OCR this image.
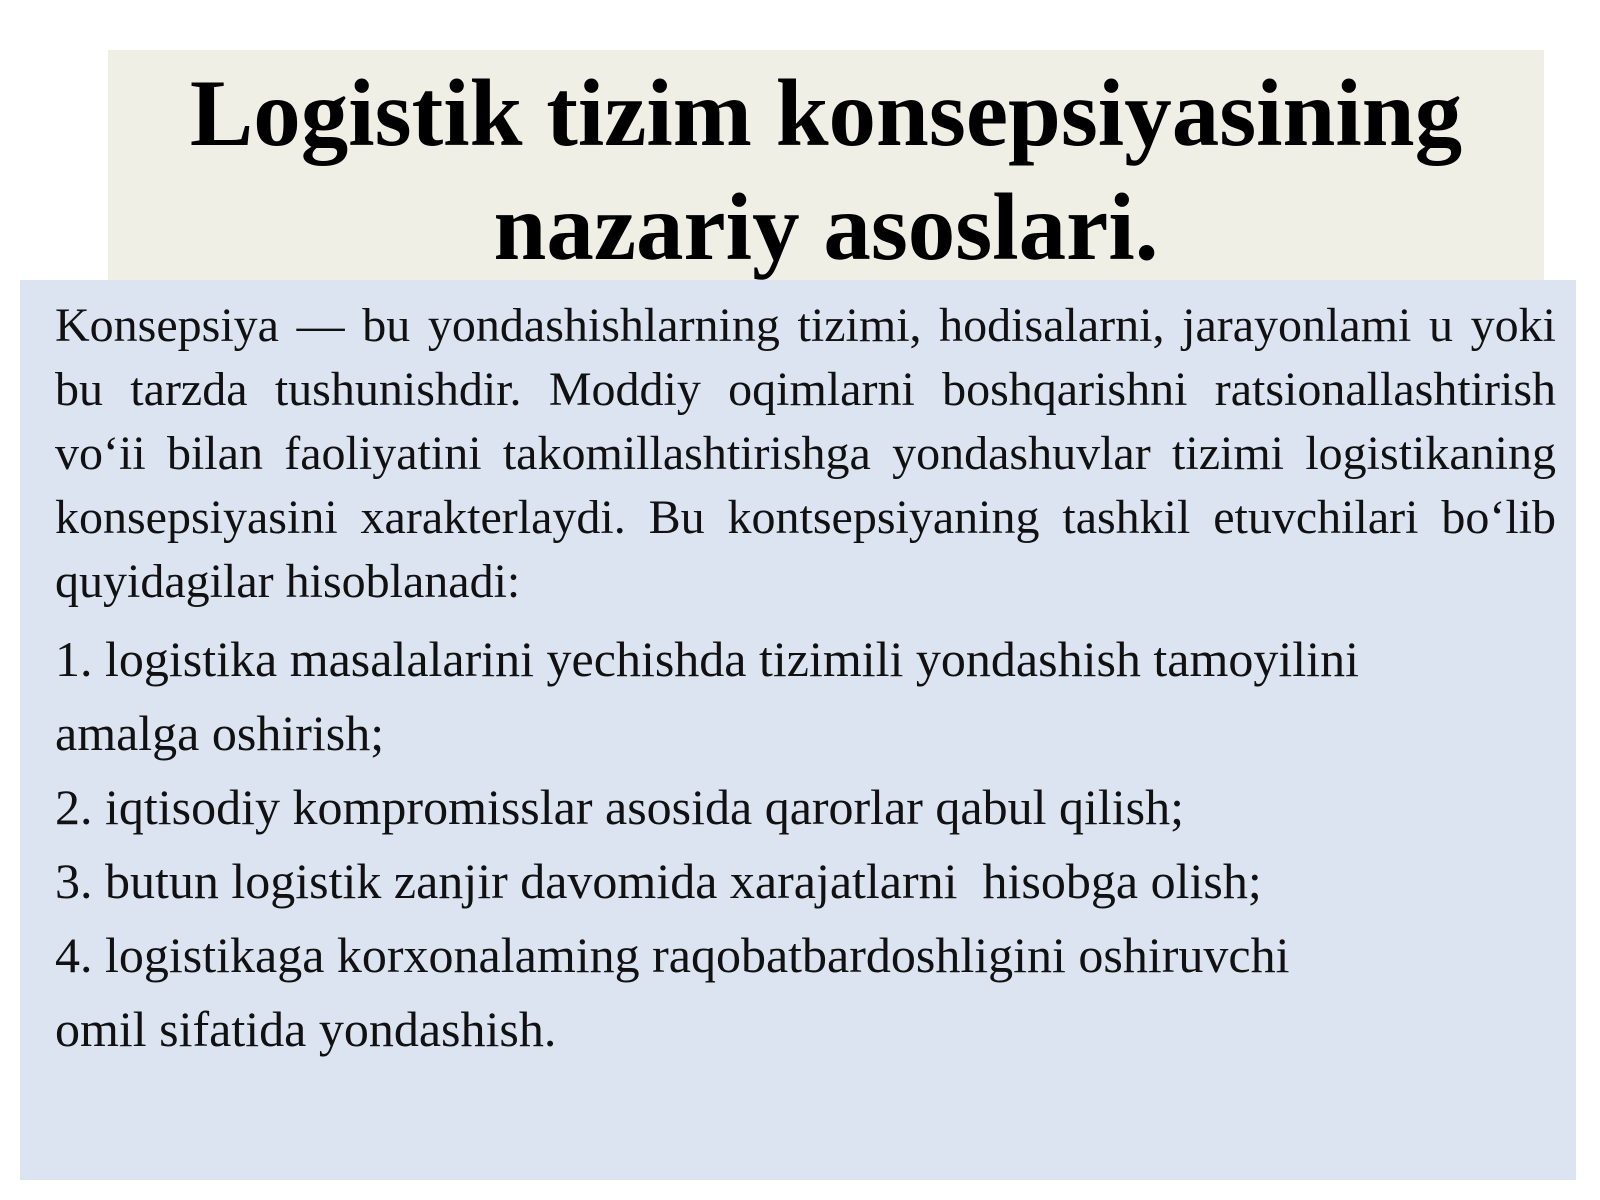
Logistik tizim konsepsiyasining
nazariy asoslari.

Konsepsiya — bu yondashishlarning tizimi, hodisalarni, jarayonlami u yoki bu tarzda tushunishdir. Moddiy oqimlarni boshqarishni ratsionallashtirish vo‘ii bilan faoliyatini takomillashtirishga yondashuvlar tizimi logistikaning konsepsiyasini xarakterlaydi. Bu kontsepsiyaning tashkil etuvchilari bo‘lib quyidagilar hisoblanadi:

1. logistika masalalarini yechishda tizimili yondashish tamoyilini
amalga oshirish;
2. iqtisodiy kompromisslar asosida qarorlar qabul qilish;
3. butun logistik zanjir davomida xarajatlarni  hisobga olish;
4. logistikaga korxonalaming raqobatbardoshligini oshiruvchi
omil sifatida yondashish.
